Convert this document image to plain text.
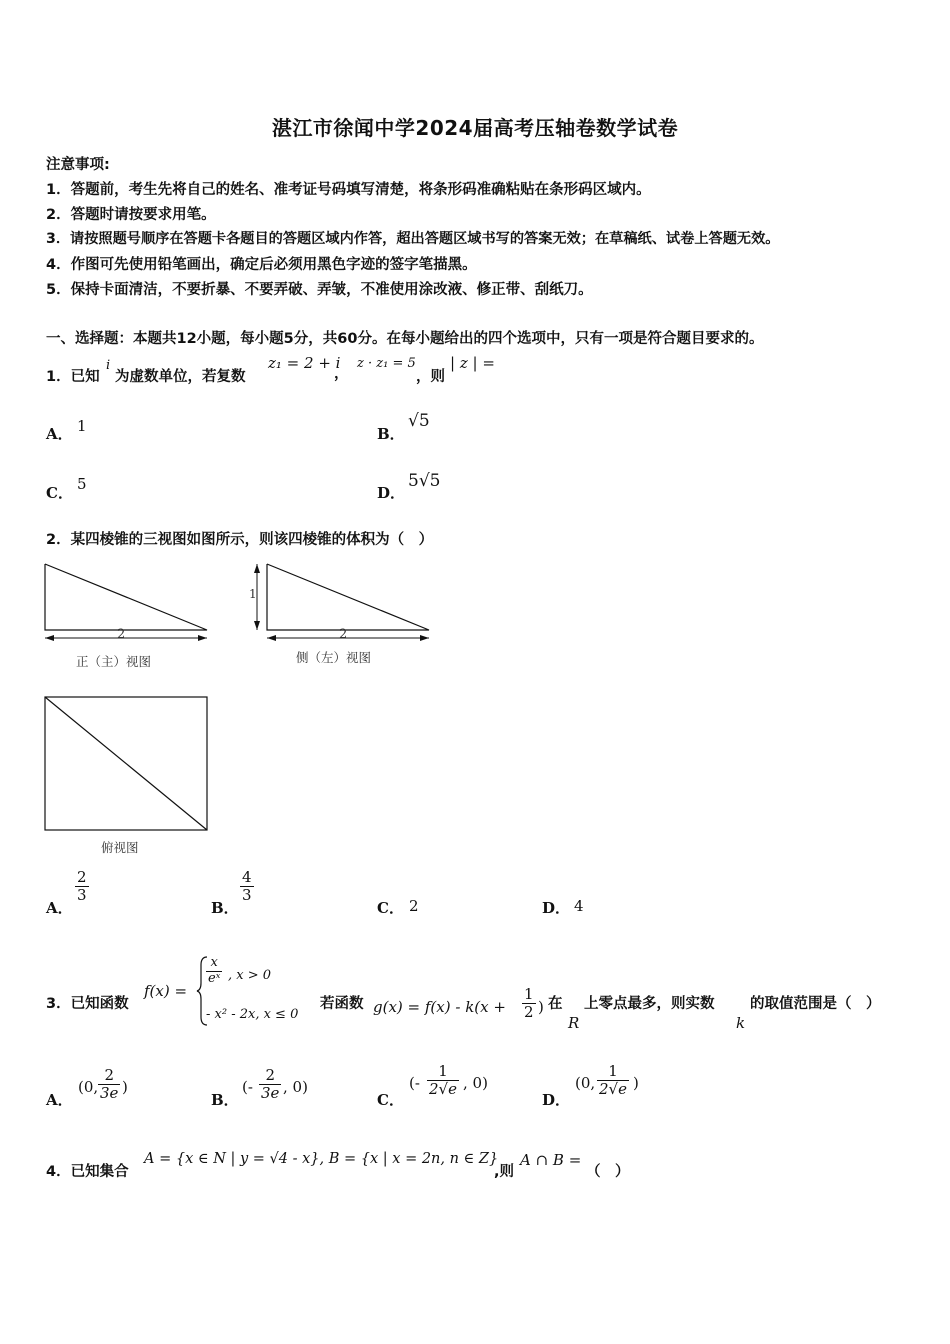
湛江市徐闻中学2024届高考压轴卷数学试卷
注意事项:
1．答题前，考生先将自己的姓名、准考证号码填写清楚，将条形码准确粘贴在条形码区域内。
2．答题时请按要求用笔。
3．请按照题号顺序在答题卡各题目的答题区域内作答，超出答题区域书写的答案无效；在草稿纸、试卷上答题无效。
4．作图可先使用铅笔画出，确定后必须用黑色字迹的签字笔描黑。
5．保持卡面清洁，不要折暴、不要弄破、弄皱，不准使用涂改液、修正带、刮纸刀。
一、选择题：本题共12小题，每小题5分，共60分。在每小题给出的四个选项中，只有一项是符合题目要求的。
1．已知
i
为虚数单位，若复数
z₁ = 2 + i
，
z · z₁ = 5
，则
| z | =
A． 1	B．
√5
C． 5	D．
5√5
2．某四棱锥的三视图如图所示，则该四棱锥的体积为（　）
2
正（主）视图
1
2
侧（左）视图
俯视图
A．
$\frac{2}{3}$
B．
$\frac{4}{3}$
C． 2	D． 4
3．已知函数
f(x) =
$\frac{x}{\text{eˣ}}$ , x > 0
- x² - 2x, x ≤ 0
若函数 $g(x) = f(x) - k(x + \frac{1}{2}$ ) 在
R
上零点最多，则实数
k
的取值范围是（　）
A．
(0, $\frac{2}{3e}$ )
B．
(- $\frac{2}{3e}$ , 0)
C．
(- $\frac{1}{2√e}$ , 0)
D．
(0, $\frac{1}{2√e}$ )
4．已知集合
A = {x ∈ N | y = √4 - x}, B = {x | x = 2n, n ∈ Z}
,则
A ∩ B =
（　）
